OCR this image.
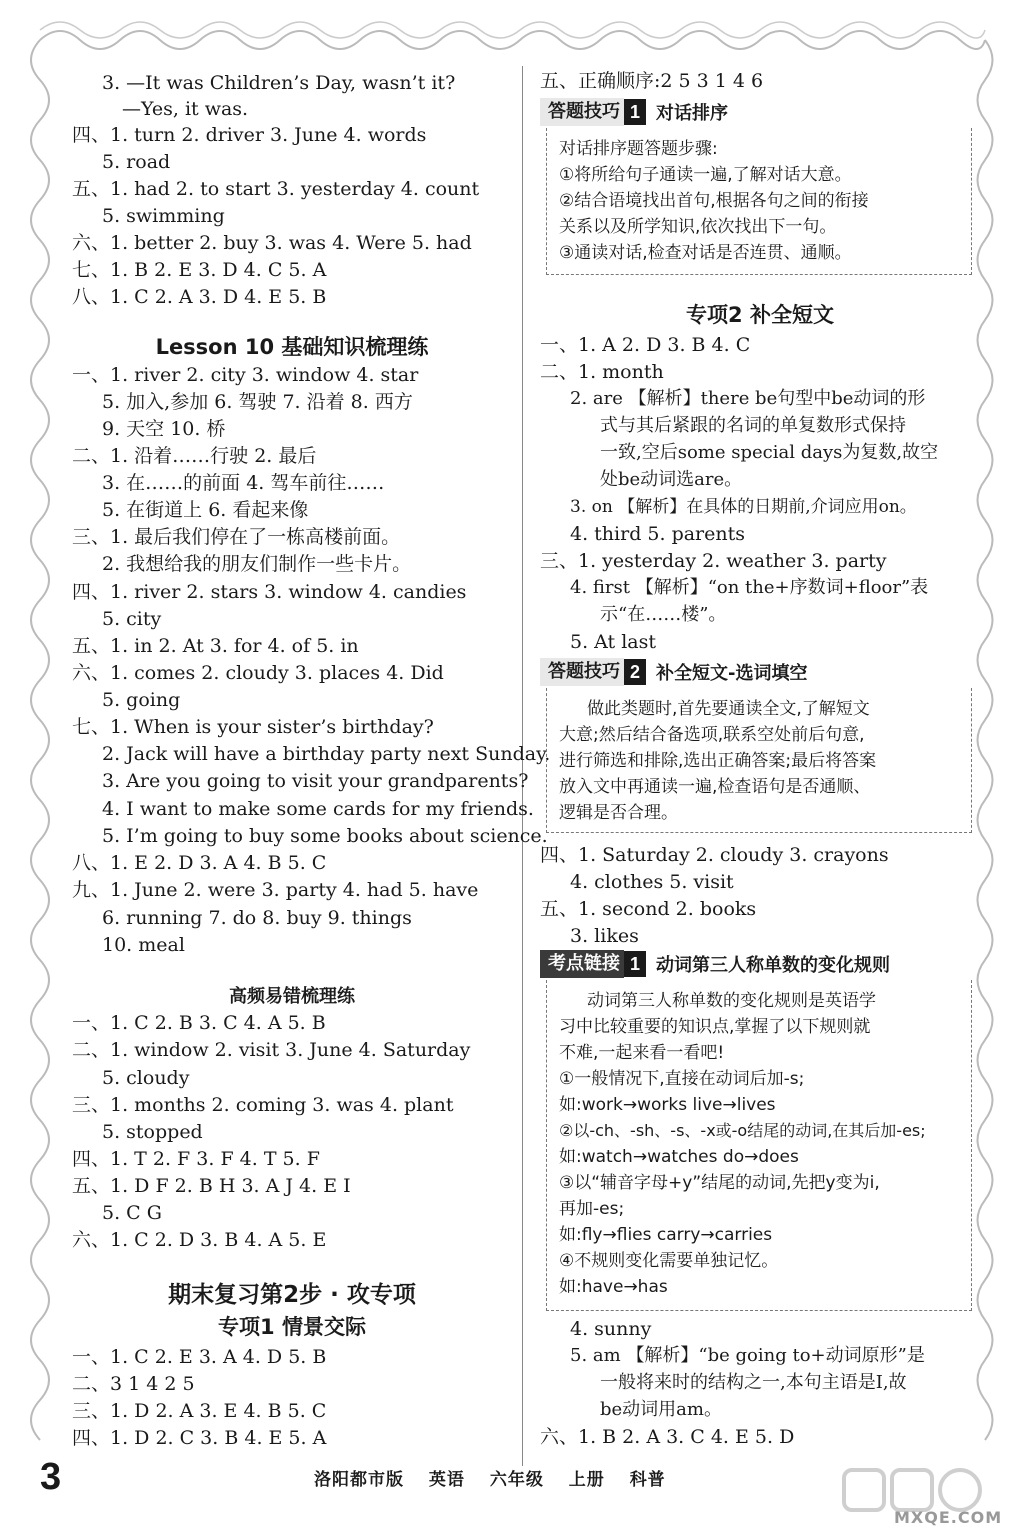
3. —It was Children’s Day, wasn’t it?
—Yes, it was.
四、1. turn 2. driver 3. June 4. words
5. road
五、1. had 2. to start 3. yesterday 4. count
5. swimming
六、1. better 2. buy 3. was 4. Were 5. had
七、1. B 2. E 3. D 4. C 5. A
八、1. C 2. A 3. D 4. E 5. B
Lesson 10 基础知识梳理练
一、1. river 2. city 3. window 4. star
5. 加入,参加 6. 驾驶 7. 沿着 8. 西方
9. 天空 10. 桥
二、1. 沿着……行驶 2. 最后
3. 在……的前面 4. 驾车前往……
5. 在街道上 6. 看起来像
三、1. 最后我们停在了一栋高楼前面。
2. 我想给我的朋友们制作一些卡片。
四、1. river 2. stars 3. window 4. candies
5. city
五、1. in 2. At 3. for 4. of 5. in
六、1. comes 2. cloudy 3. places 4. Did
5. going
七、1. When is your sister’s birthday?
2. Jack will have a birthday party next Sunday.
3. Are you going to visit your grandparents?
4. I want to make some cards for my friends.
5. I’m going to buy some books about science.
八、1. E 2. D 3. A 4. B 5. C
九、1. June 2. were 3. party 4. had 5. have
6. running 7. do 8. buy 9. things
10. meal
高频易错梳理练
一、1. C 2. B 3. C 4. A 5. B
二、1. window 2. visit 3. June 4. Saturday
5. cloudy
三、1. months 2. coming 3. was 4. plant
5. stopped
四、1. T 2. F 3. F 4. T 5. F
五、1. D F 2. B H 3. A J 4. E I
5. C G
六、1. C 2. D 3. B 4. A 5. E
期末复习第2步 · 攻专项
专项1 情景交际
一、1. C 2. E 3. A 4. D 5. B
二、3 1 4 2 5
三、1. D 2. A 3. E 4. B 5. C
四、1. D 2. C 3. B 4. E 5. A
五、正确顺序:2 5 3 1 4 6
答题技巧 1 对话排序
对话排序题答题步骤:
①将所给句子通读一遍,了解对话大意。
②结合语境找出首句,根据各句之间的衔接
关系以及所学知识,依次找出下一句。
③通读对话,检查对话是否连贯、通顺。
专项2 补全短文
一、1. A 2. D 3. B 4. C
二、1. month
2. are 【解析】there be句型中be动词的形
式与其后紧跟的名词的单复数形式保持
一致,空后some special days为复数,故空
处be动词选are。
3. on 【解析】在具体的日期前,介词应用on。
4. third 5. parents
三、1. yesterday 2. weather 3. party
4. first 【解析】“on the+序数词+floor”表
示“在……楼”。
5. At last
答题技巧 2 补全短文-选词填空
做此类题时,首先要通读全文,了解短文
大意;然后结合备选项,联系空处前后句意,
进行筛选和排除,选出正确答案;最后将答案
放入文中再通读一遍,检查语句是否通顺、
逻辑是否合理。
四、1. Saturday 2. cloudy 3. crayons
4. clothes 5. visit
五、1. second 2. books
3. likes
考点链接 1 动词第三人称单数的变化规则
动词第三人称单数的变化规则是英语学
习中比较重要的知识点,掌握了以下规则就
不难,一起来看一看吧!
①一般情况下,直接在动词后加-s;
如:work→works live→lives
②以-ch、-sh、-s、-x或-o结尾的动词,在其后加-es;
如:watch→watches do→does
③以“辅音字母+y”结尾的动词,先把y变为i,
再加-es;
如:fly→flies carry→carries
④不规则变化需要单独记忆。
如:have→has
4. sunny
5. am 【解析】“be going to+动词原形”是
一般将来时的结构之一,本句主语是I,故
be动词用am。
六、1. B 2. A 3. C 4. E 5. D
3	洛阳都市版 英语 六年级 上册 科普
MXQE.COM
